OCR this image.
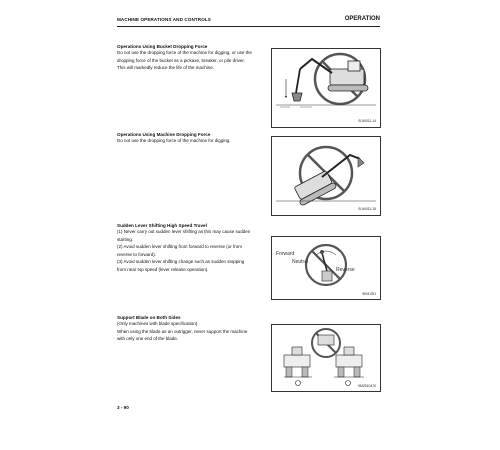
MACHINE OPERATIONS AND CONTROLS	OPERATION
Operations Using Bucket Dropping Force
Do not use the dropping force of the machine for digging, or use the
dropping force of the bucket as a pickaxe, breaker, or pile driver.
This will markedly reduce the life of the machine.
B-94011-14
Operations Using Machine Dropping Force
Do not use the dropping force of the machine for digging.
B-94011-15
Sudden Lever Shifting High Speed Travel
(1) Never carry out sudden lever shifting as this may cause sudden
starting.
(2) Avoid sudden lever shifting from forward to reverse (or from
reverse to forward).
(3) Avoid sudden lever shifting change such as sudden stopping
from near top speed (lever release operation).
Forward
Neutral
Reverse
9EM-051
Support Blade on Both Sides
(Only machines with blade specification)
When using the blade as an outrigger, never support the machine
with only one end of the blade.
9M2510470
3 - 90
